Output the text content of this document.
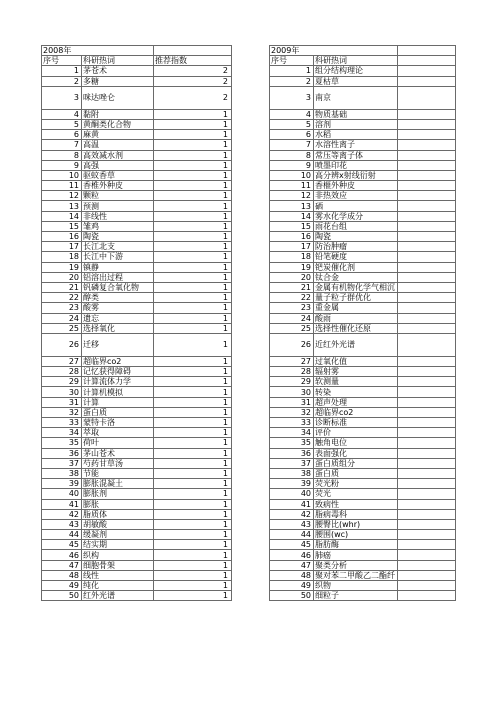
2008年				2009年		
序号	科研热词	推荐指数		序号	科研热词	
1	茅苍术	2		1	组分结构理论	
2	多糖	2		2	夏枯草	
3	咪达唑仑	2		3	南京	
4	黏附	1		4	物质基础	
5	黄酮类化合物	1		5	溶剂	
6	麻黄	1		6	水稻	
7	高温	1		7	水溶性离子	
8	高效减水剂	1		8	常压等离子体	
9	高强	1		9	喷墨印花	
10	驱蚊香草	1		10	高分辨x射线衍射	
11	香椎外种皮	1		11	香榧外种皮	
12	颗粒	1		12	非热效应	
13	预测	1		13	硒	
14	非线性	1		14	雾水化学成分	
15	雏鸡	1		15	雨花台组	
16	陶瓷	1		16	陶瓷	
17	长江北支	1		17	防治肿瘤	
18	长江中下游	1		18	铅笔硬度	
19	镇静	1		19	钯炭催化剂	
20	铝溶出过程	1		20	钛合金	
21	钒磷复合氧化物	1		21	金属有机物化学气相沉	
22	醇类	1		22	量子粒子群优化	
23	酸雾	1		23	重金属	
24	遗忘	1		24	酸雨	
25	选择氧化	1		25	选择性催化还原	
26	迁移	1		26	近红外光谱	
27	超临界co2	1		27	过氧化值	
28	记忆获得障碍	1		28	辐射雾	
29	计算流体力学	1		29	软测量	
30	计算机模拟	1		30	转染	
31	计算	1		31	超声处理	
32	蛋白质	1		32	超临界co2	
33	蒙特卡洛	1		33	诊断标准	
34	萃取	1		34	评价	
35	荷叶	1		35	触角电位	
36	茅山苍术	1		36	表面强化	
37	芍药甘草汤	1		37	蛋白质组分	
38	节能	1		38	蛋白质	
39	膨胀混凝土	1		39	荧光粉	
40	膨胀剂	1		40	荧光	
41	膨胀	1		41	致病性	
42	脂质体	1		42	脂病毒科	
43	胡敏酸	1		43	腰臀比(whr)	
44	缓凝剂	1		44	腰围(wc)	
45	结实期	1		45	脂肪酶	
46	织构	1		46	肺癌	
47	细胞骨架	1		47	聚类分析	
48	线性	1		48	聚对苯二甲酸乙二酯纤	
49	纯化	1		49	织物	
50	红外光谱	1		50	细粒子	
